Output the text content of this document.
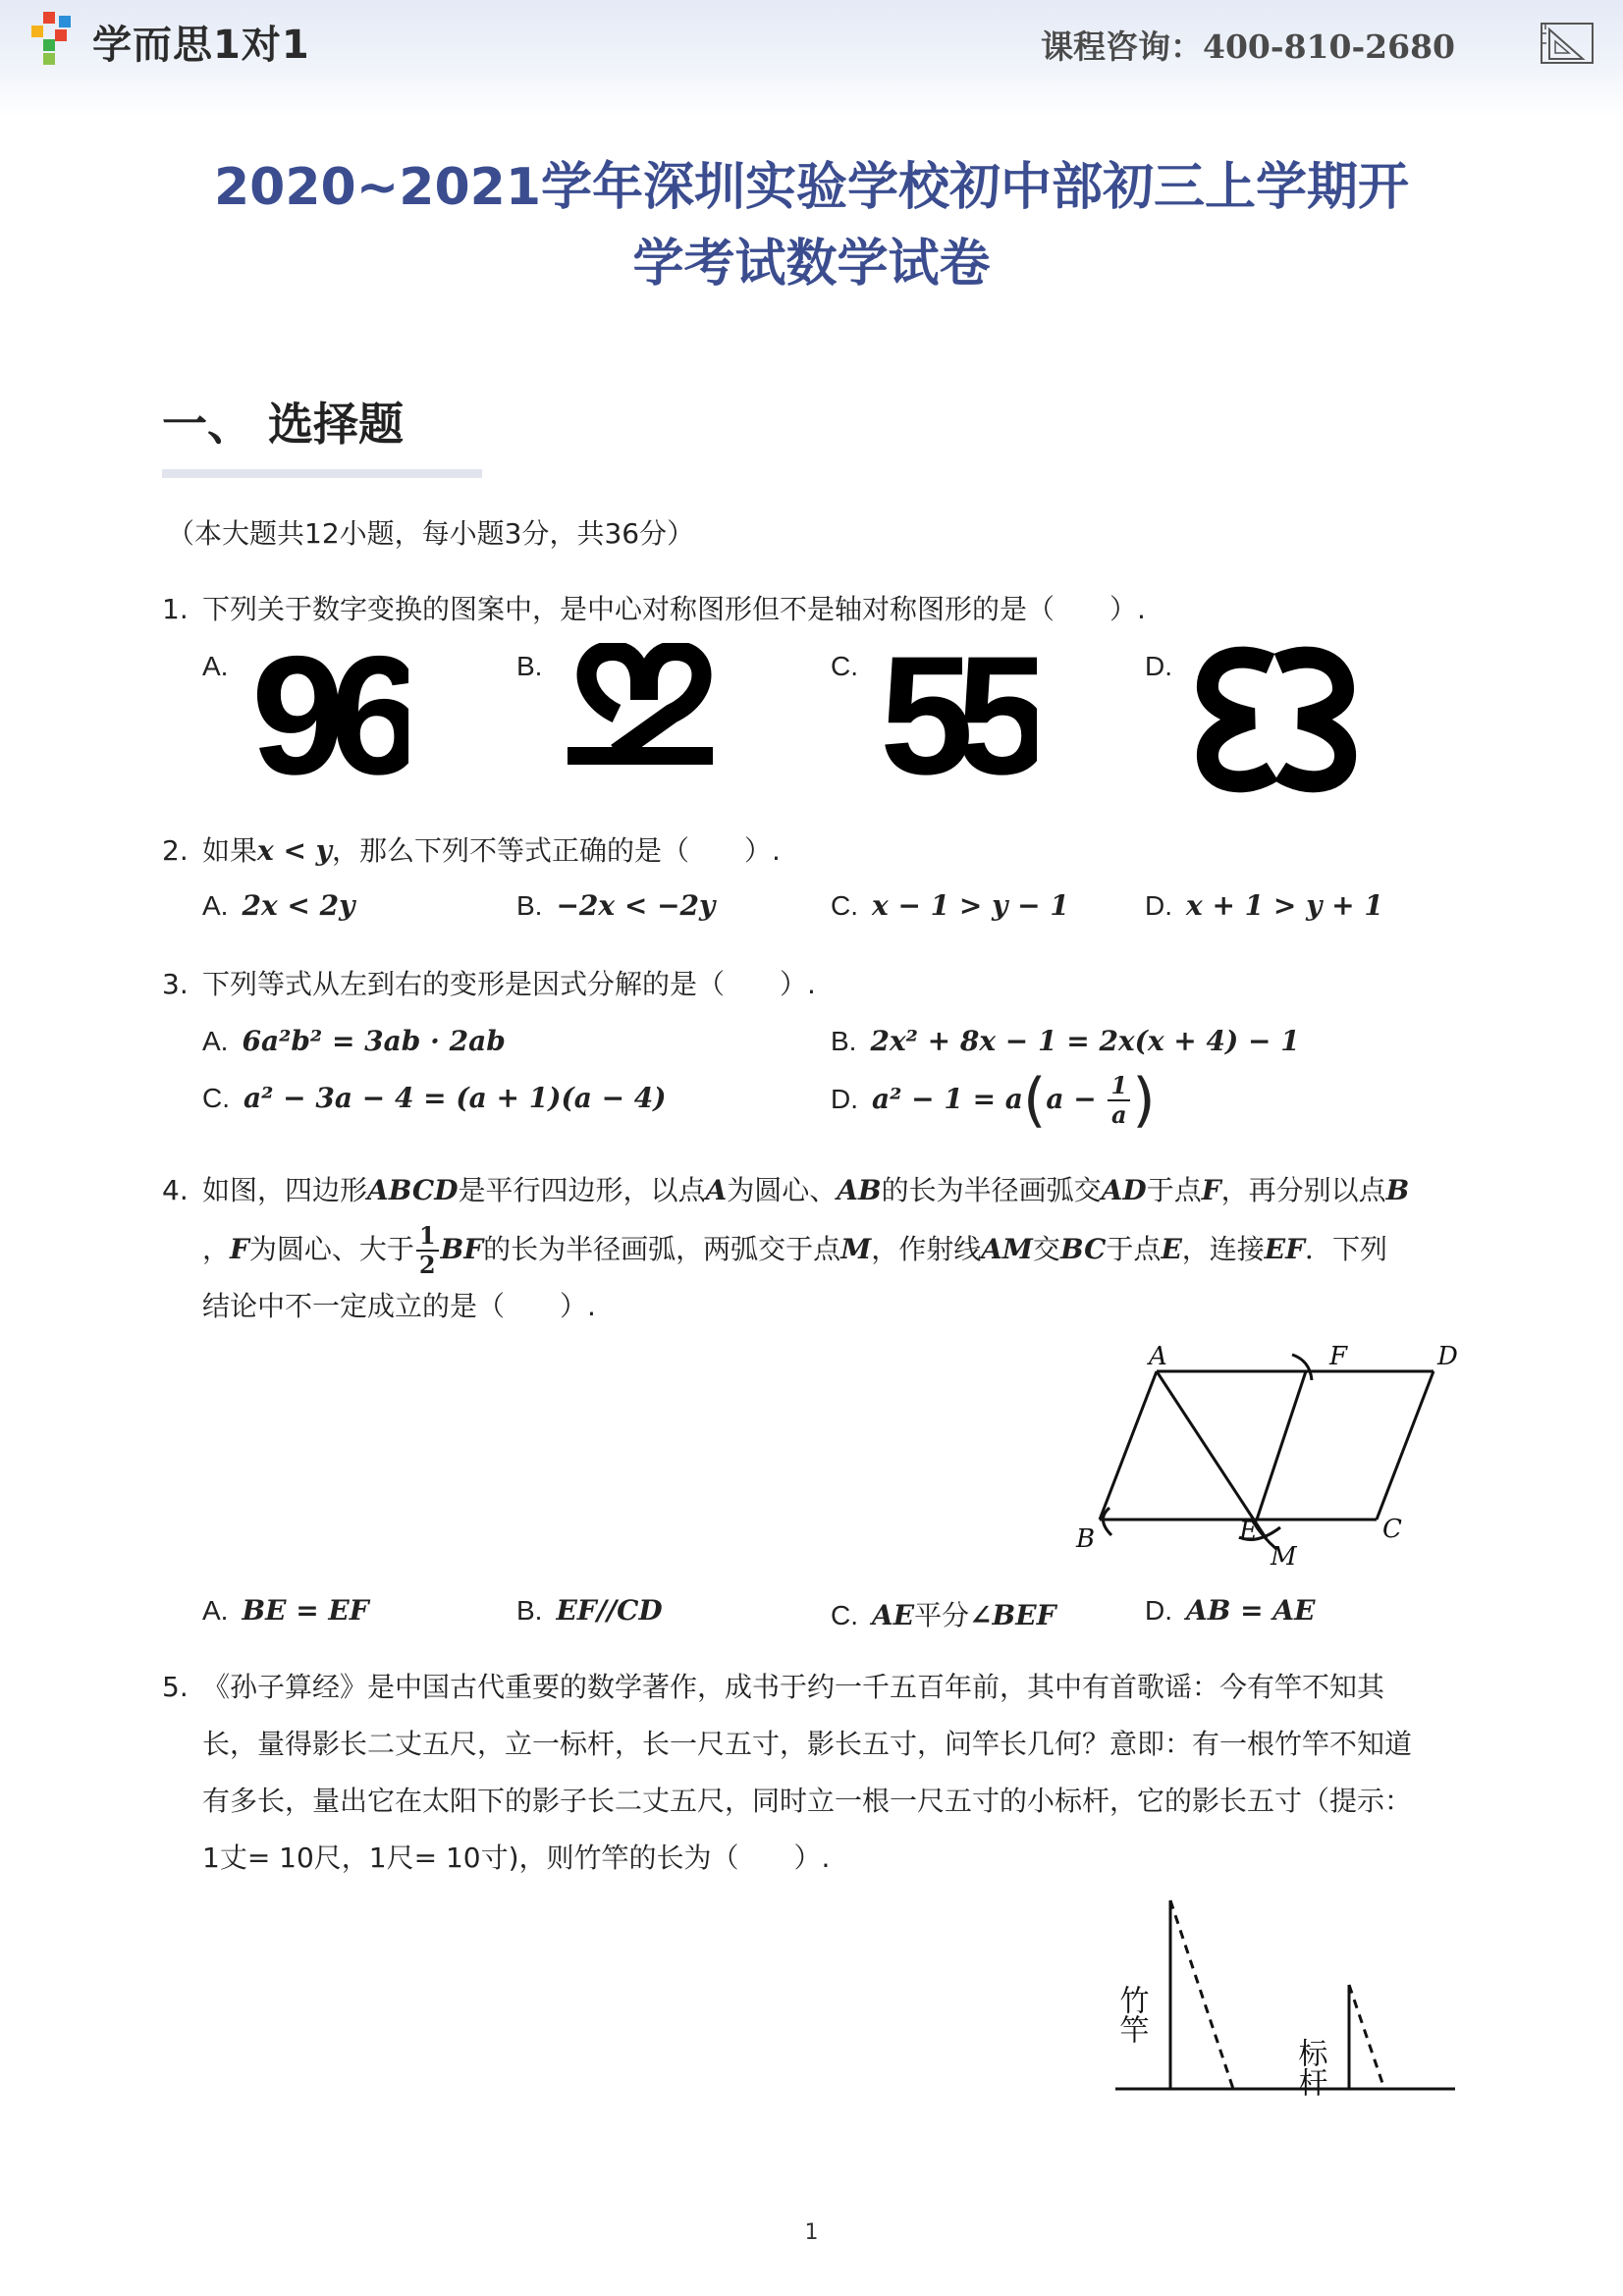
学而思1对1	课程咨询：400-810-2680
2020~2021学年深圳实验学校初中部初三上学期开
学考试数学试卷
一、 选择题
（本大题共12小题，每小题3分，共36分）
1. 下列关于数字变换的图案中，是中心对称图形但不是轴对称图形的是（　　）.
A.	B.	C.	D.
96	55
2. 如果x < y，那么下列不等式正确的是（　　）.
A. 2x < 2y	B. −2x < −2y	C. x − 1 > y − 1	D. x + 1 > y + 1
3. 下列等式从左到右的变形是因式分解的是（　　）.
A. 6a²b² = 3ab · 2ab	B. 2x² + 8x − 1 = 2x(x + 4) − 1
C. a² − 3a − 4 = (a + 1)(a − 4)	D. $a^2 - 1 = a(a - \frac{1}{a}$ )
4. 如图，四边形ABCD是平行四边形，以点A为圆心、AB的长为半径画弧交AD于点F，再分别以点B
，F为圆心、大于 $\frac{1}{2}$ BF的长为半径画弧，两弧交于点M，作射线AM交BC于点E，连接EF．下列
结论中不一定成立的是（　　）.
A	F	D
B	E
M
C
A. BE = EF	B. EF//CD	C. AE平分∠BEF	D. AB = AE
5. 《孙子算经》是中国古代重要的数学著作，成书于约一千五百年前，其中有首歌谣：今有竿不知其
长，量得影长二丈五尺，立一标杆，长一尺五寸，影长五寸，问竿长几何？意即：有一根竹竿不知道
有多长，量出它在太阳下的影子长二丈五尺，同时立一根一尺五寸的小标杆，它的影长五寸（提示：
1丈= 10尺，1尺= 10寸)，则竹竿的长为（　　）.
竹竿
标杆
1
